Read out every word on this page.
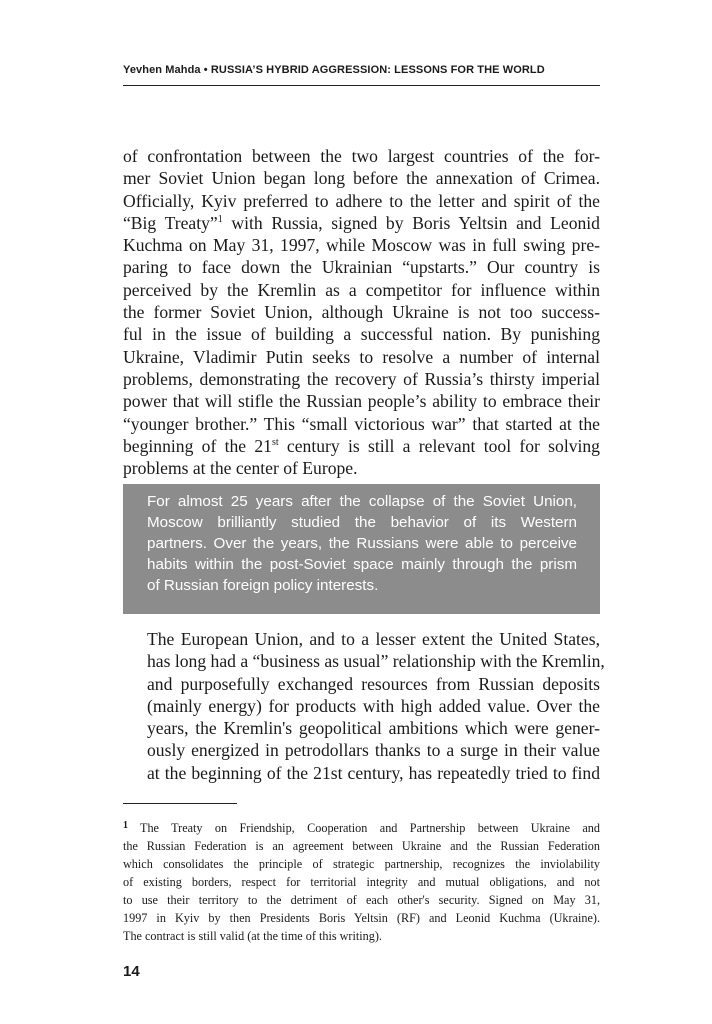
Yevhen Mahda • RUSSIA’S HYBRID AGGRESSION: LESSONS FOR THE WORLD
of confrontation between the two largest countries of the for-
mer Soviet Union began long before the annexation of Crimea.
Officially, Kyiv preferred to adhere to the letter and spirit of the
“Big Treaty”$^1$ with Russia, signed by Boris Yeltsin and Leonid
Kuchma on May 31, 1997, while Moscow was in full swing pre-
paring to face down the Ukrainian “upstarts.” Our country is
perceived by the Kremlin as a competitor for influence within
the former Soviet Union, although Ukraine is not too success-
ful in the issue of building a successful nation. By punishing
Ukraine, Vladimir Putin seeks to resolve a number of internal
problems, demonstrating the recovery of Russia’s thirsty imperial
power that will stifle the Russian people’s ability to embrace their
“younger brother.” This “small victorious war” that started at the
beginning of the 21st century is still a relevant tool for solving
problems at the center of Europe.
For almost 25 years after the collapse of the Soviet Union,
Moscow brilliantly studied the behavior of its Western
partners. Over the years, the Russians were able to perceive
habits within the post-Soviet space mainly through the prism
of Russian foreign policy interests.
The European Union, and to a lesser extent the United States,
has long had a “business as usual” relationship with the Kremlin,
and purposefully exchanged resources from Russian deposits
(mainly energy) for products with high added value. Over the
years, the Kremlin's geopolitical ambitions which were gener-
ously energized in petrodollars thanks to a surge in their value
at the beginning of the 21st century, has repeatedly tried to find
$^1$ The Treaty on Friendship, Cooperation and Partnership between Ukraine and
the Russian Federation is an agreement between Ukraine and the Russian Federation
which consolidates the principle of strategic partnership, recognizes the inviolability
of existing borders, respect for territorial integrity and mutual obligations, and not
to use their territory to the detriment of each other's security. Signed on May 31,
1997 in Kyiv by then Presidents Boris Yeltsin (RF) and Leonid Kuchma (Ukraine).
The contract is still valid (at the time of this writing).
14
